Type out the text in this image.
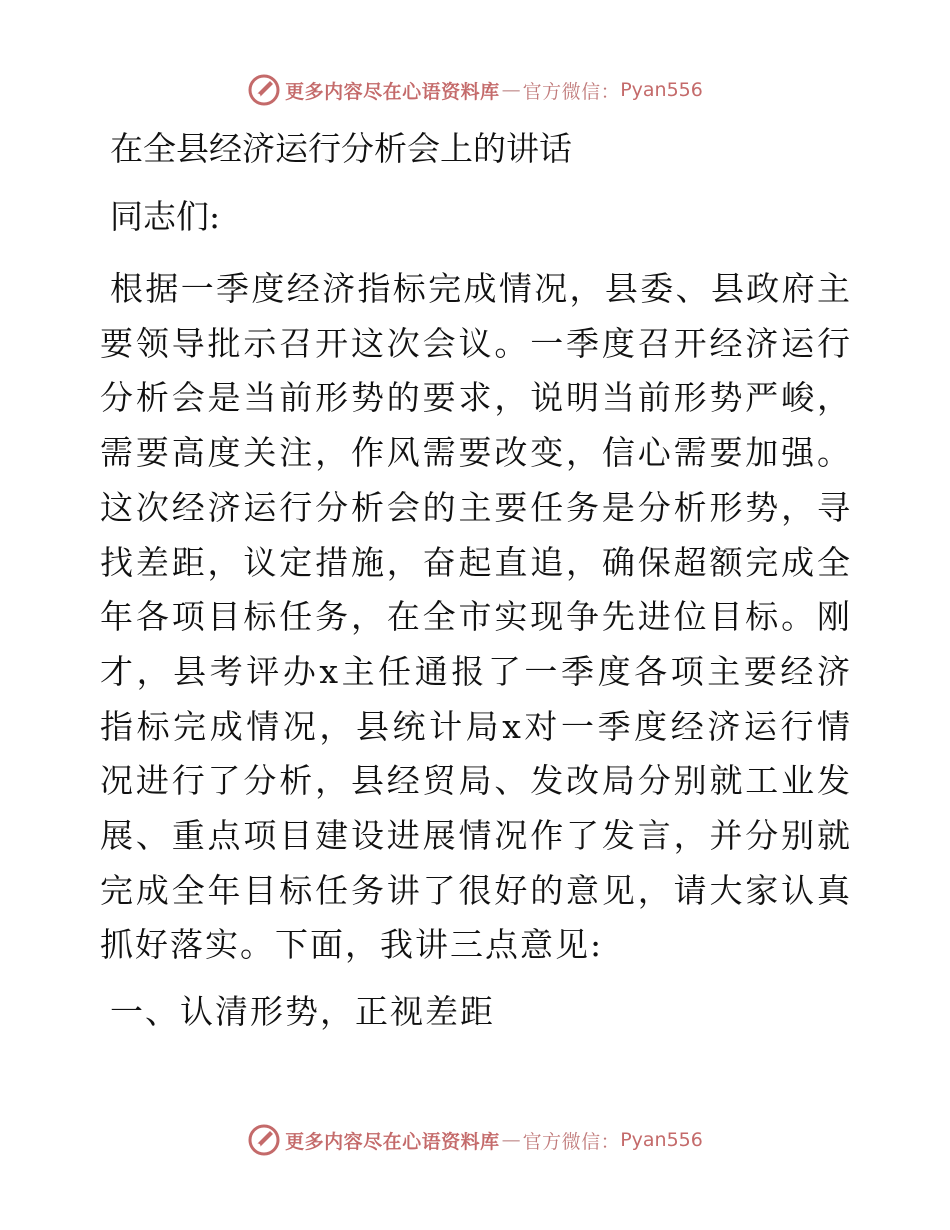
更多内容尽在心语资料库 — 官方微信： Pyan556
在全县经济运行分析会上的讲话

同志们:

根据一季度经济指标完成情况，县委、县政府主要领导批示召开这次会议。一季度召开经济运行分析会是当前形势的要求，说明当前形势严峻，需要高度关注，作风需要改变，信心需要加强。这次经济运行分析会的主要任务是分析形势，寻找差距，议定措施，奋起直追，确保超额完成全年各项目标任务，在全市实现争先进位目标。刚才，县考评办x主任通报了一季度各项主要经济指标完成情况，县统计局x对一季度经济运行情况进行了分析，县经贸局、发改局分别就工业发展、重点项目建设进展情况作了发言，并分别就完成全年目标任务讲了很好的意见，请大家认真抓好落实。下面，我讲三点意见:

一、认清形势，正视差距

更多内容尽在心语资料库 — 官方微信： Pyan556
